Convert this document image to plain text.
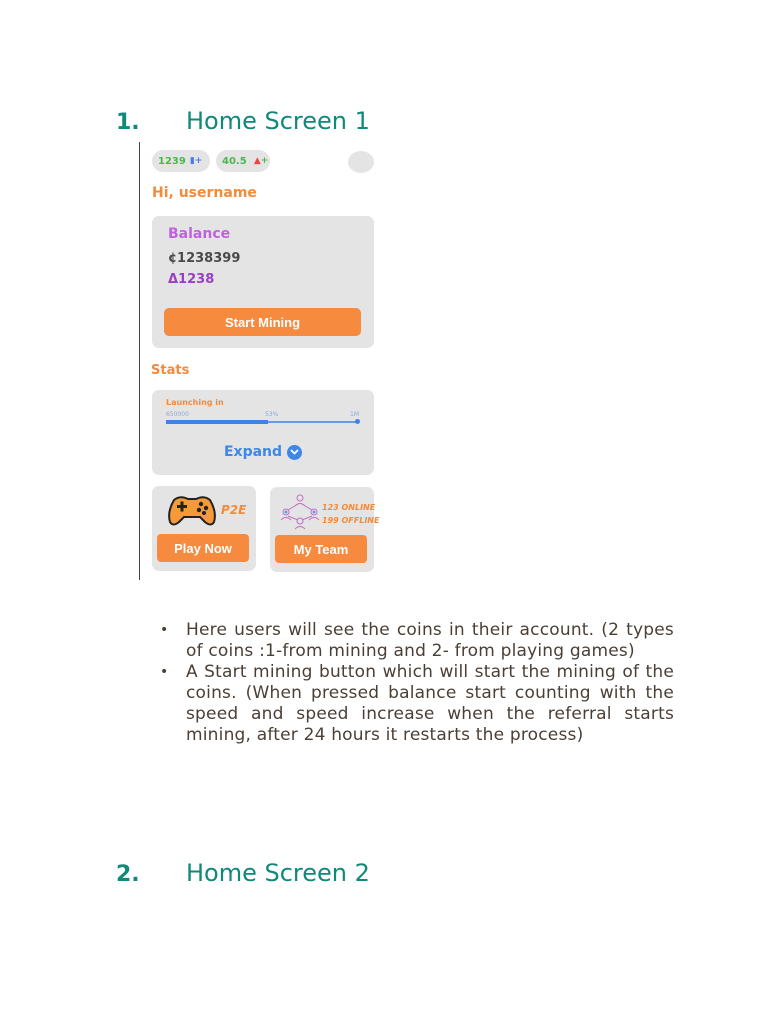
1.	Home Screen 1
1239 ▮+ 40.5 ▲ +
Hi, username
Balance
¢1238399
Δ1238
Start Mining
Stats
Launching in
650000	53%	1M
Expand
P2E
Play Now
123 ONLINE
199 OFFLINE
My Team
• Here users will see the coins in their account. (2 types of coins :1-from mining and 2- from playing games)
• A Start mining button which will start the mining of the coins. (When pressed balance start counting with the speed and speed increase when the referral starts mining, after 24 hours it restarts the process)
2.	Home Screen 2
